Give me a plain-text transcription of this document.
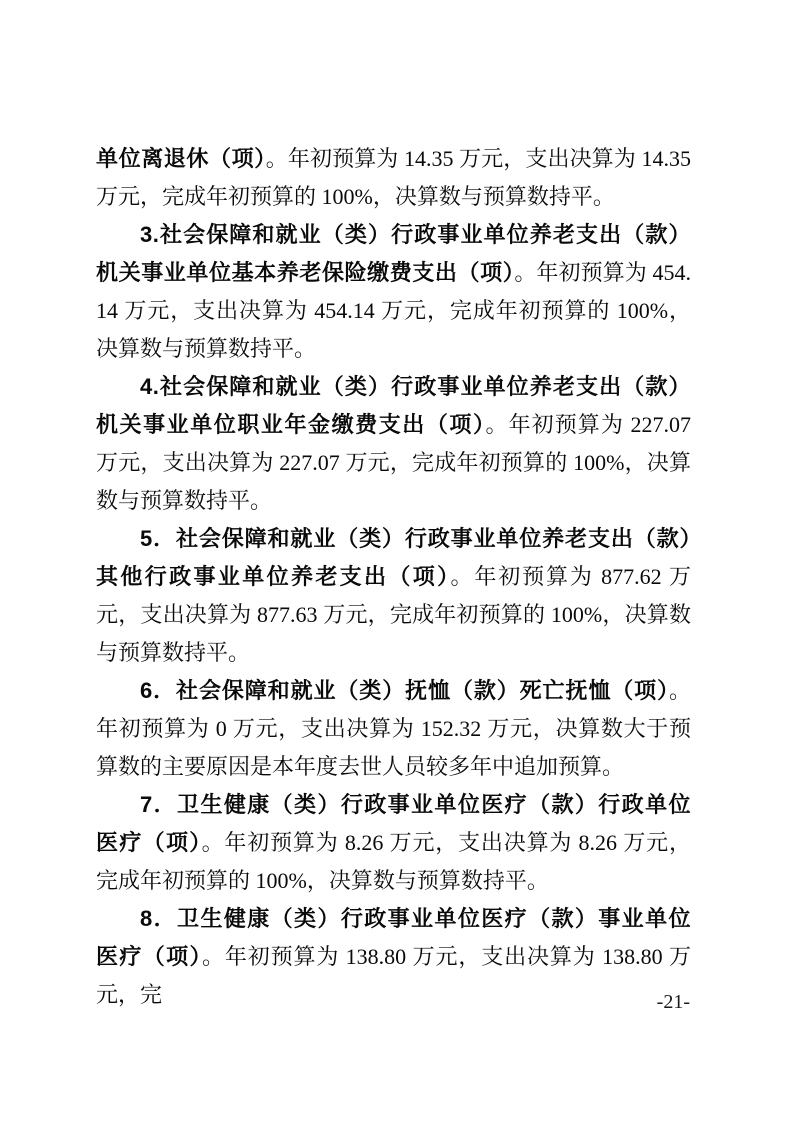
单位离退休（项）。年初预算为 14.35 万元，支出决算为 14.35 万元，完成年初预算的 100%，决算数与预算数持平。

3.社会保障和就业（类）行政事业单位养老支出（款）机关事业单位基本养老保险缴费支出（项）。年初预算为 454.14 万元，支出决算为 454.14 万元，完成年初预算的 100%，决算数与预算数持平。

4.社会保障和就业（类）行政事业单位养老支出（款）机关事业单位职业年金缴费支出（项）。年初预算为 227.07 万元，支出决算为 227.07 万元，完成年初预算的 100%，决算数与预算数持平。

5．社会保障和就业（类）行政事业单位养老支出（款）其他行政事业单位养老支出（项）。年初预算为 877.62 万元，支出决算为 877.63 万元，完成年初预算的 100%，决算数与预算数持平。

6．社会保障和就业（类）抚恤（款）死亡抚恤（项）。年初预算为 0 万元，支出决算为 152.32 万元，决算数大于预算数的主要原因是本年度去世人员较多年中追加预算。

7．卫生健康（类）行政事业单位医疗（款）行政单位医疗（项）。年初预算为 8.26 万元，支出决算为 8.26 万元，完成年初预算的 100%，决算数与预算数持平。

8．卫生健康（类）行政事业单位医疗（款）事业单位医疗（项）。年初预算为 138.80 万元，支出决算为 138.80 万元，完	-21-
